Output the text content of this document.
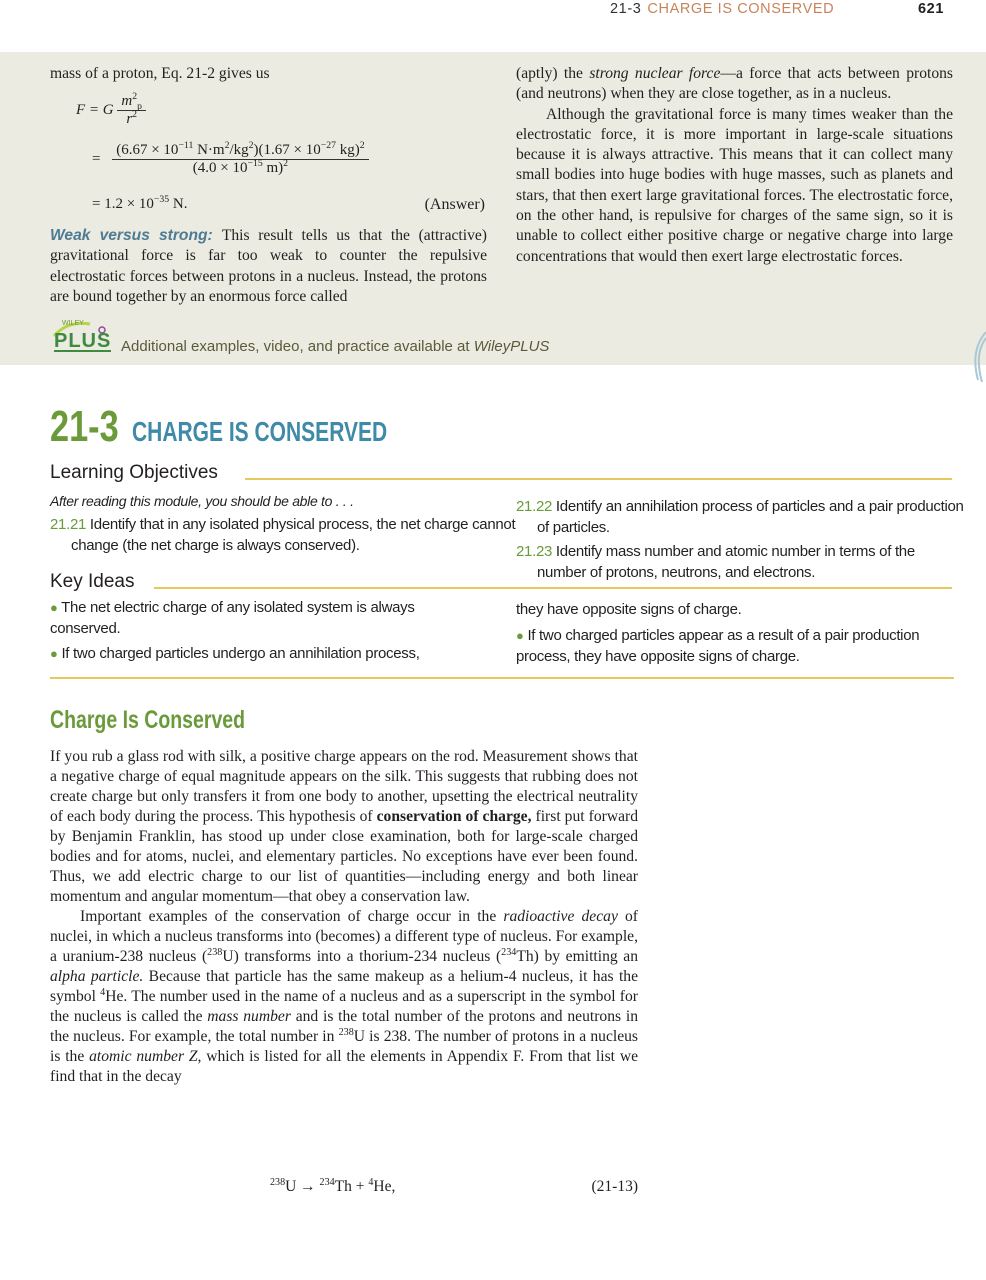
21-3 CHARGE IS CONSERVED	621
mass of a proton, Eq. 21-2 gives us
F = G $\frac{m^2_p}{r^2}$
= $\frac{(6.67 \times 10^{-11} N\cdot m^2/kg^2)(1.67 \times 10^{-27} kg)^2}{(4.0 \times 10^{-15} m)^2}$
= $1.2 \times 10^{-35}$ N.	(Answer)
Weak versus strong: This result tells us that the (attractive) gravitational force is far too weak to counter the repulsive electrostatic forces between protons in a nucleus. Instead, the protons are bound together by an enormous force called
(aptly) the strong nuclear force—a force that acts between protons (and neutrons) when they are close together, as in a nucleus.
Although the gravitational force is many times weaker than the electrostatic force, it is more important in large-scale situations because it is always attractive. This means that it can collect many small bodies into huge bodies with huge masses, such as planets and stars, that then exert large gravitational forces. The electrostatic force, on the other hand, is repulsive for charges of the same sign, so it is unable to collect either positive charge or negative charge into large concentrations that would then exert large electrostatic forces.
WILEY
PLUS Additional examples, video, and practice available at WileyPLUS
21-3 CHARGE IS CONSERVED
Learning Objectives
After reading this module, you should be able to . . .
21.21 Identify that in any isolated physical process, the net charge cannot change (the net charge is always conserved).
21.22 Identify an annihilation process of particles and a pair production of particles.
21.23 Identify mass number and atomic number in terms of the number of protons, neutrons, and electrons.
Key Ideas
● The net electric charge of any isolated system is always conserved.
● If two charged particles undergo an annihilation process,
they have opposite signs of charge.
● If two charged particles appear as a result of a pair production process, they have opposite signs of charge.
Charge Is Conserved
If you rub a glass rod with silk, a positive charge appears on the rod. Measurement shows that a negative charge of equal magnitude appears on the silk. This suggests that rubbing does not create charge but only transfers it from one body to another, upsetting the electrical neutrality of each body during the process. This hypothesis of conservation of charge, first put forward by Benjamin Franklin, has stood up under close examination, both for large-scale charged bodies and for atoms, nuclei, and elementary particles. No exceptions have ever been found. Thus, we add electric charge to our list of quantities—including energy and both linear momentum and angular momentum—that obey a conservation law.
Important examples of the conservation of charge occur in the radioactive decay of nuclei, in which a nucleus transforms into (becomes) a different type of nucleus. For example, a uranium-238 nucleus ($^{238}$U) transforms into a thorium-234 nucleus ($^{234}$Th) by emitting an alpha particle. Because that particle has the same makeup as a helium-4 nucleus, it has the symbol $^4$He. The number used in the name of a nucleus and as a superscript in the symbol for the nucleus is called the mass number and is the total number of the protons and neutrons in the nucleus. For example, the total number in $^{238}$U is 238. The number of protons in a nucleus is the atomic number Z, which is listed for all the elements in Appendix F. From that list we find that in the decay
$^{238}$U → $^{234}$Th + $^4$He,	(21-13)
